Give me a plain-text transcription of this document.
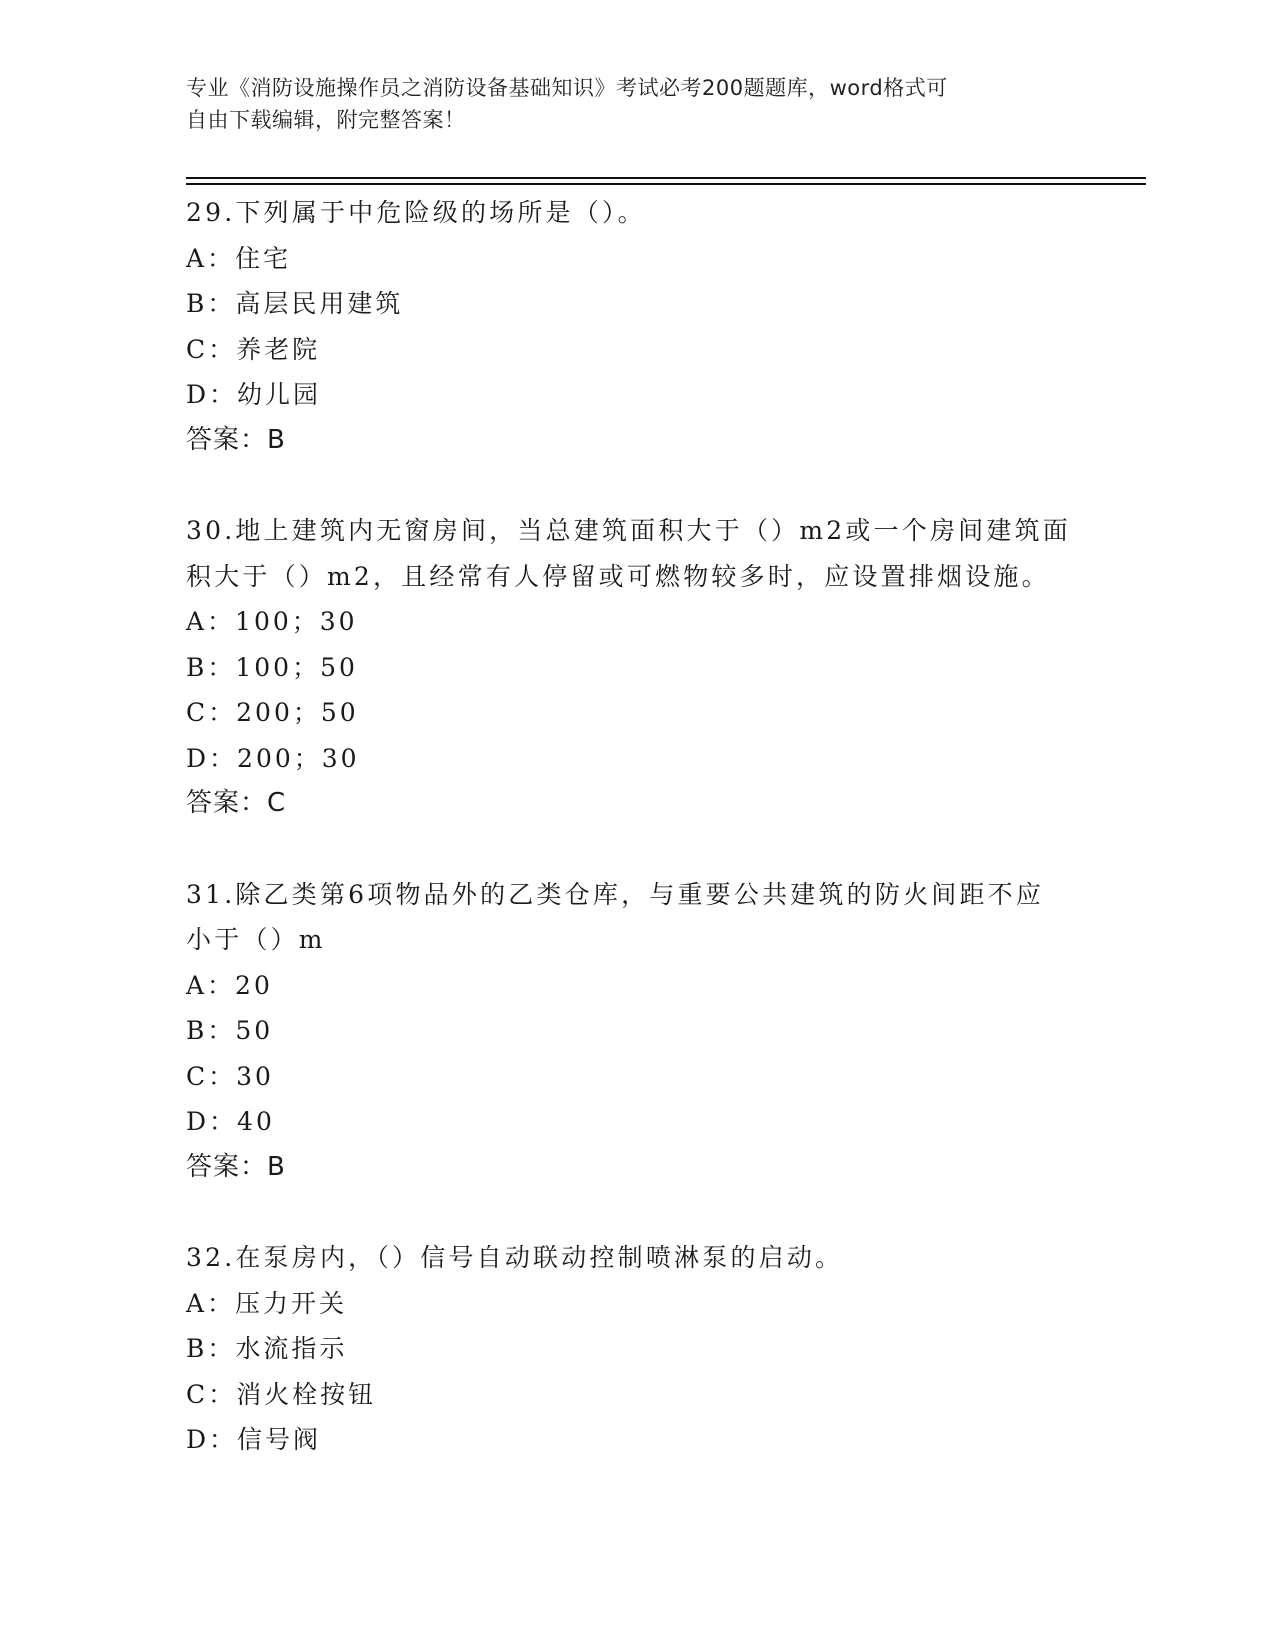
专业《消防设施操作员之消防设备基础知识》考试必考200题题库，word格式可
自由下载编辑，附完整答案！
29.下列属于中危险级的场所是（）。
A：住宅
B：高层民用建筑
C：养老院
D：幼儿园
答案：B
30.地上建筑内无窗房间，当总建筑面积大于（）m2或一个房间建筑面
积大于（）m2，且经常有人停留或可燃物较多时，应设置排烟设施。
A：100；30
B：100；50
C：200；50
D：200；30
答案：C
31.除乙类第6项物品外的乙类仓库，与重要公共建筑的防火间距不应
小于（）m
A：20
B：50
C：30
D：40
答案：B
32.在泵房内，（）信号自动联动控制喷淋泵的启动。
A：压力开关
B：水流指示
C：消火栓按钮
D：信号阀
